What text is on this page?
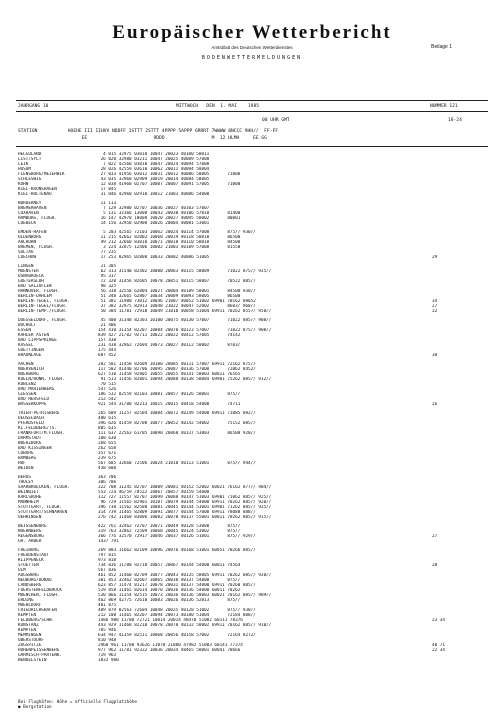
Europäischer Wetterbericht
Amtsblatt des Deutschen Wetterdienstes	Beilage 1
BODENWETTERMELDUNGEN
JAHRGANG 10	MITTWOCH   DEN  1. MAI    1985	NUMMER 121
00 UHR GMT	18-24
STATION           HOEHE III IIHVV NDDFF 1STTT 2STTT 4PPPP 5APPP 6RRRT 7WWWW 8NCCC 9HH//  FF-FF
EE                        9DDD                 M  12 HLMH     EE GG
HELGOLAND	4 015 32975 03010 10047 20023 40100 58011
LIST/SYLT	26 020 32980 03211 10047 20025 40089 57008
LEIK	7 022 42560 03010 10047 20024 40094 57008
HUSUM	28 026 42559 03610 10062 20011 40094 58004
FLENSBURG/MEIERWIK	27 033 41956 03012 10031 20012 40086 58005       71000
SCHLESWIG	43 035 32960 02909 10019 20014 40084 58005
KOHN	12 038 41960 02707 10007 20007 40091 57005       71000
KIEL-KRONSHAGEN	17 045
KIEL-HOLTENAU	31 046 42960 02910 10012 21003 40086 54000
NORDERNEY	11 113
BREMERHAVEN	7 129 32980 02707 10036 20027 40103 57007
CUXHAVEN	5 131 32366 13008 10043 20030 40106 57010       81400
HAMBURG, FLUGH.	16 147 42970 10008 10020 20027 40095 58002       80001
LUEBECK	14 156 32950 02908 10026 20004 40081 53001
EMDEN-HAFEN	5 203 42565 72103 10062 20024 40114 57008       875// 930//
OLDENBURG	11 215 42662 82002 10060 20019 40118 58010       86500
AHLHORN	49 212 32660 83010 10071 20018 40110 58010       84500
BREMEN, FLUGH.	3 224 32875 12406 10002 21003 40109 57008       81550
SOLTAU	77 235
LUECHOW	17 253 82965 02808 10033 20002 40086 51005	29
LINGEN	21 305
MUENSTER	62 313 31540 82402 10080 20063 40115 58009       71022 875// 925//
OSNABRUECK	95 317
GUETERSLOH	72 320 31456 82605 10078 20051 40115 58007       70522 885//
BAD SALZUFLEN	98 325
HANNOVER, FLUGH.	56 338 32558 62804 10027 20004 40109 58001       84500 930//
BERLIN-DAHLEM	51 348 32665 62807 10034 20009 40093 58005       86500
BERLIN-TEGEL, FLUGH.	51 381 11980 73012 10046 21007 40052 51002 69901 70162 88052	34
BERLIN-TEGEL/FLUGH.	37 382 32975 82913 10048 21022 40047 52002       8603/ 960//	27
BERLIN-TEMP./FLUGH.	50 384 11781 72918 10049 21010 40058 51004 69911 70262 8557/ 950//	32
DUESSELDORF, FLUGH.	45 400 31340 82303 10100 20075 40130 57007       71022 885// 908//
BOCHOLT	21 406
ESSEN	154 410 31354 82207 10084 20070 40123 57007       71022 875// 908//
KAHLER ASTEN	839 427 21/02 92711 10022 20022 40412 57005       74142
BAD LIPPSPRINGE	157 430
KASSEL	231 438 32962 72604 10073 20027 40112 58002       8703/
GOETTINGEN	175 444
BRAUNLAGE	607 452	38
AACHEN	202 501 11458 82609 10100 20085 40131 57007 69911 72162 875//
NOERVENICH	117 502 41440 82706 10095 20087 40136 57008       72062 8452/
NUERBURG	627 510 11458 92805 10055 20055 40141 58003 60011 76565
KOELN/BONN, FLUGH.	91 513 11456 82801 10094 20088 40138 58004 69901 75262 885// 912//
KOBLENZ	70 515
BAD MARIENBERG	547 526
GIESSEN	186 532 82559 82103 10081 20057 40126 58001       875//
BAD HERSFELD	212 542
WASSERKUPPE	921 544 31/00 92213 10015 20015 48418 54000       74711	26
TRIER-PETRISBERG	265 609 11257 82504 10084 20072 40149 54000 69911 71085 882//
DEUSELBACH	480 615
PFERDSFELD	396 626 41459 82708 10077 20052 40142 54002       75152 885//
KL.FELDBERG/TS.	805 635
FRANKFURT/M.FLUGH.	111 637 22563 61705 10090 20068 40137 53003       86500 920//
DARMSTADT	108 630
WUERZBURG	268 655
BAD KISSINGEN	262 658
COBURG	357 671
BAMBERG	239 675
HOF	567 685 32660 72506 10024 21010 40113 51001       875// 944//
WEIDEN	438 688
BERUS	363 706
THOLEY	386 706
SAARBRUECKEN, FLUGH.	322 708 11245 82707 10089 20081 40152 52002 60021 76162 877// 904//
WEINBIET	553 724 46/59 /8522 10067 20057 40159 54000
KARLSRUHE	112 727 11557 82707 10099 20088 40147 51003 69901 71062 885// 925//
MANNHEIM	96 729 11565 82901 10107 20079 40144 54000 69911 70262 885// 920//
STUTTGART, FLUGH.	396 738 11562 82508 10081 20045 40144 53001 69901 71262 885// 925//
STUTTGART/SCHNARREN	314 739 11465 82809 10091 20077 40144 57000 69911 78088 888//
OEHRINGEN	276 742 11460 83006 10082 20070 40137 55001 60011 70262 885// 915//
WEISSENBURG	422 761 32462 72707 10071 20049 40128 53000       875//
NUERNBERG	319 763 32862 72509 10068 20045 40124 53002       875//
REGENSBURG	366 776 32570 72917 10046 20037 40126 51001       875// 929//	27
GR. ARBER	1437 791
FREIBURG	269 803 11662 82109 10096 20076 40168 51001 60051 70266 885//
FREUDENSTADT	797 815
KLIPPENECK	973 818
STOETTEN	734 836 11/00 92718 10057 20067 40144 54000 60011 74564	28
ULM	567 836
AUGSBURG	461 852 11460 82709 10077 20043 40135 58005 69911 70262 885// 920//
NEUBURG/DONAU	381 853 32462 82607 10065 20038 40137 54000       875//
LANDSBERG	623 857 11474 81217 10078 20031 40137 54000 69911 70260 885//
FUERSTENFELDBRUCK	519 858 11465 82614 10070 20036 40136 54000 60011 70262
MUENCHEN, FLUGH.	530 866 11354 82515 10073 20036 40136 58003 60021 70162 885// 909//
ERDING	462 869 42775 72610 10083 20026 40136 52013       875//
MUEHLDORF	401 875
FRIEDRICHSHAFEN	409 879 82563 72604 10048 20025 40128 51002       875// 930//
KEMPTEN	212 100 11465 82207 10094 20073 40180 51004       72184 888//
FELDBERG/SCHW.	1486 908 11/00 72721 10014 20014 48470 51002 60111 78376	23 34
KONSTANZ	443 929 11468 82210 10078 20070 40132 58002 69911 70162 885// 910//
KEMPTEN	705 946
MEMMINGEN	634 947 41359 82511 10068 20056 40158 57002       72164 8272/
OBERSTDORF	810 948
ZUGSPITZE	2960 961 11/00 93626 11078 21080 47982 51003 60141 77374	40 71
HOHENPEISSENBERG	977 962 11/01 92322 10036 20034 48465 58001 60041 70666	22 34
GARMISCH-PARTENK.	719 963
WENDELSTEIN	1832 980
Bei Flughäfen: Höhe = offizielle Flugplatzhöhe
● Bergstation
